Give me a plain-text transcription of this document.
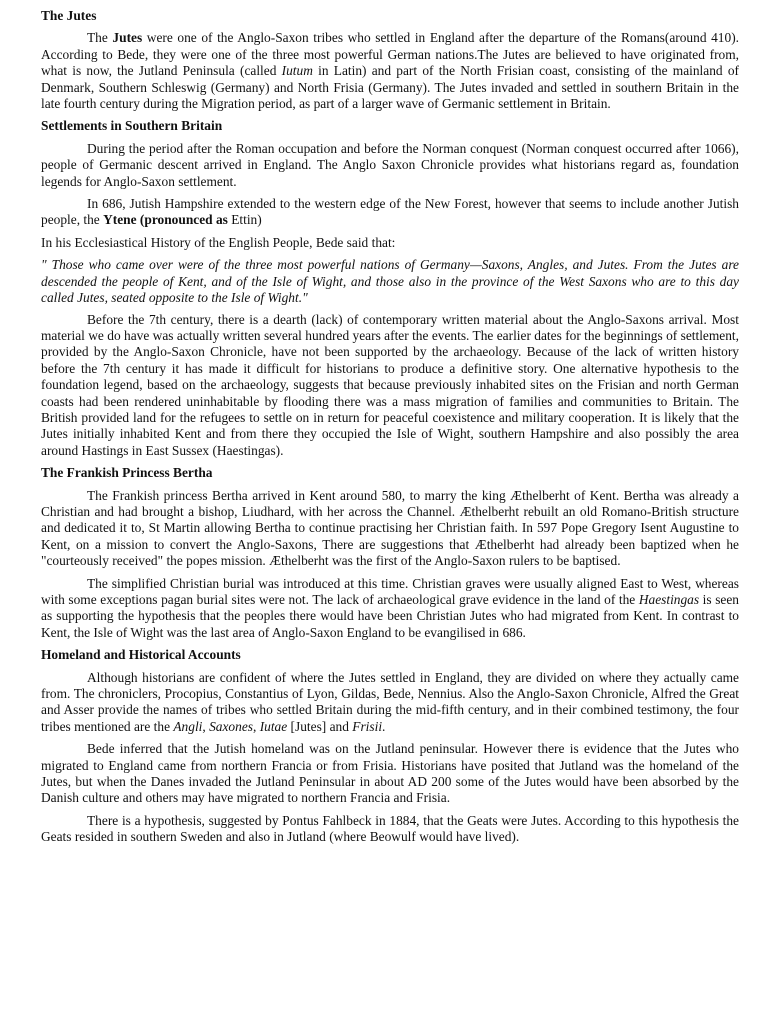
The Jutes

The Jutes were one of the Anglo-Saxon tribes who settled in England after the departure of the Romans(around 410). According to Bede, they were one of the three most powerful German nations.The Jutes are believed to have originated from, what is now, the Jutland Peninsula (called Iutum in Latin) and part of the North Frisian coast, consisting of the mainland of Denmark, Southern Schleswig (Germany) and North Frisia (Germany). The Jutes invaded and settled in southern Britain in the late fourth century during the Migration period, as part of a larger wave of Germanic settlement in Britain.

Settlements in Southern Britain

During the period after the Roman occupation and before the Norman conquest (Norman conquest occurred after 1066), people of Germanic descent arrived in England. The Anglo Saxon Chronicle provides what historians regard as, foundation legends for Anglo-Saxon settlement.

In 686, Jutish Hampshire extended to the western edge of the New Forest, however that seems to include another Jutish people, the Ytene (pronounced as Ettin)

In his Ecclesiastical History of the English People, Bede said that:

" Those who came over were of the three most powerful nations of Germany—Saxons, Angles, and Jutes. From the Jutes are descended the people of Kent, and of the Isle of Wight, and those also in the province of the West Saxons who are to this day called Jutes, seated opposite to the Isle of Wight."

Before the 7th century, there is a dearth (lack) of contemporary written material about the Anglo-Saxons arrival. Most material we do have was actually written several hundred years after the events. The earlier dates for the beginnings of settlement, provided by the Anglo-Saxon Chronicle, have not been supported by the archaeology. Because of the lack of written history before the 7th century it has made it difficult for historians to produce a definitive story. One alternative hypothesis to the foundation legend, based on the archaeology, suggests that because previously inhabited sites on the Frisian and north German coasts had been rendered uninhabitable by flooding there was a mass migration of families and communities to Britain. The British provided land for the refugees to settle on in return for peaceful coexistence and military cooperation. It is likely that the Jutes initially inhabited Kent and from there they occupied the Isle of Wight, southern Hampshire and also possibly the area around Hastings in East Sussex (Haestingas).

The Frankish Princess Bertha

The Frankish princess Bertha arrived in Kent around 580, to marry the king Æthelberht of Kent. Bertha was already a Christian and had brought a bishop, Liudhard, with her across the Channel. Æthelberht rebuilt an old Romano-British structure and dedicated it to, St Martin allowing Bertha to continue practising her Christian faith. In 597 Pope Gregory Isent Augustine to Kent, on a mission to convert the Anglo-Saxons, There are suggestions that Æthelberht had already been baptized when he "courteously received" the popes mission. Æthelberht was the first of the Anglo-Saxon rulers to be baptised.

The simplified Christian burial was introduced at this time. Christian graves were usually aligned East to West, whereas with some exceptions pagan burial sites were not. The lack of archaeological grave evidence in the land of the Haestingas is seen as supporting the hypothesis that the peoples there would have been Christian Jutes who had migrated from Kent. In contrast to Kent, the Isle of Wight was the last area of Anglo-Saxon England to be evangilised in 686.

Homeland and Historical Accounts

Although historians are confident of where the Jutes settled in England, they are divided on where they actually came from. The chroniclers, Procopius, Constantius of Lyon, Gildas, Bede, Nennius. Also the Anglo-Saxon Chronicle, Alfred the Great and Asser provide the names of tribes who settled Britain during the mid-fifth century, and in their combined testimony, the four tribes mentioned are the Angli, Saxones, Iutae [Jutes] and Frisii.

Bede inferred that the Jutish homeland was on the Jutland peninsular. However there is evidence that the Jutes who migrated to England came from northern Francia or from Frisia. Historians have posited that Jutland was the homeland of the Jutes, but when the Danes invaded the Jutland Peninsular in about AD 200 some of the Jutes would have been absorbed by the Danish culture and others may have migrated to northern Francia and Frisia.

There is a hypothesis, suggested by Pontus Fahlbeck in 1884, that the Geats were Jutes. According to this hypothesis the Geats resided in southern Sweden and also in Jutland (where Beowulf would have lived).
